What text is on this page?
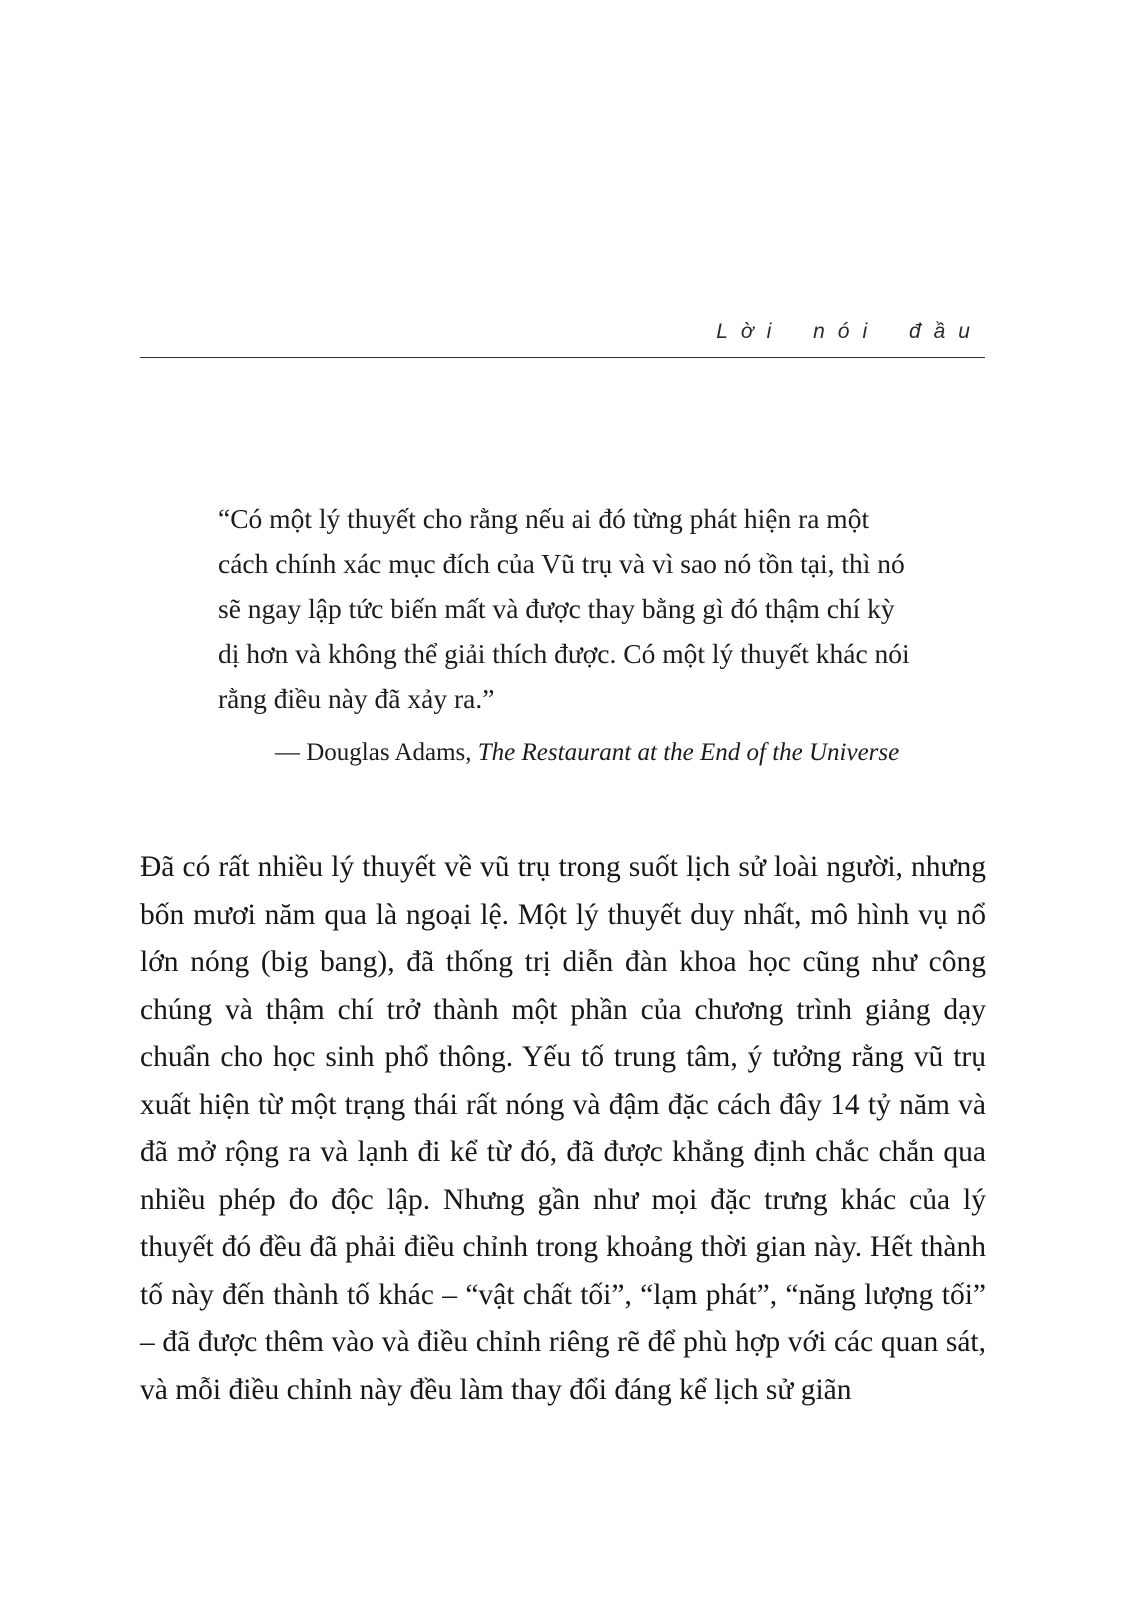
Lời nói đầu
“Có một lý thuyết cho rằng nếu ai đó từng phát hiện ra một cách chính xác mục đích của Vũ trụ và vì sao nó tồn tại, thì nó sẽ ngay lập tức biến mất và được thay bằng gì đó thậm chí kỳ dị hơn và không thể giải thích được. Có một lý thuyết khác nói rằng điều này đã xảy ra.”

— Douglas Adams, The Restaurant at the End of the Universe

Đã có rất nhiều lý thuyết về vũ trụ trong suốt lịch sử loài người, nhưng bốn mươi năm qua là ngoại lệ. Một lý thuyết duy nhất, mô hình vụ nổ lớn nóng (big bang), đã thống trị diễn đàn khoa học cũng như công chúng và thậm chí trở thành một phần của chương trình giảng dạy chuẩn cho học sinh phổ thông. Yếu tố trung tâm, ý tưởng rằng vũ trụ xuất hiện từ một trạng thái rất nóng và đậm đặc cách đây 14 tỷ năm và đã mở rộng ra và lạnh đi kể từ đó, đã được khẳng định chắc chắn qua nhiều phép đo độc lập. Nhưng gần như mọi đặc trưng khác của lý thuyết đó đều đã phải điều chỉnh trong khoảng thời gian này. Hết thành tố này đến thành tố khác – “vật chất tối”, “lạm phát”, “năng lượng tối” – đã được thêm vào và điều chỉnh riêng rẽ để phù hợp với các quan sát, và mỗi điều chỉnh này đều làm thay đổi đáng kể lịch sử giãn
